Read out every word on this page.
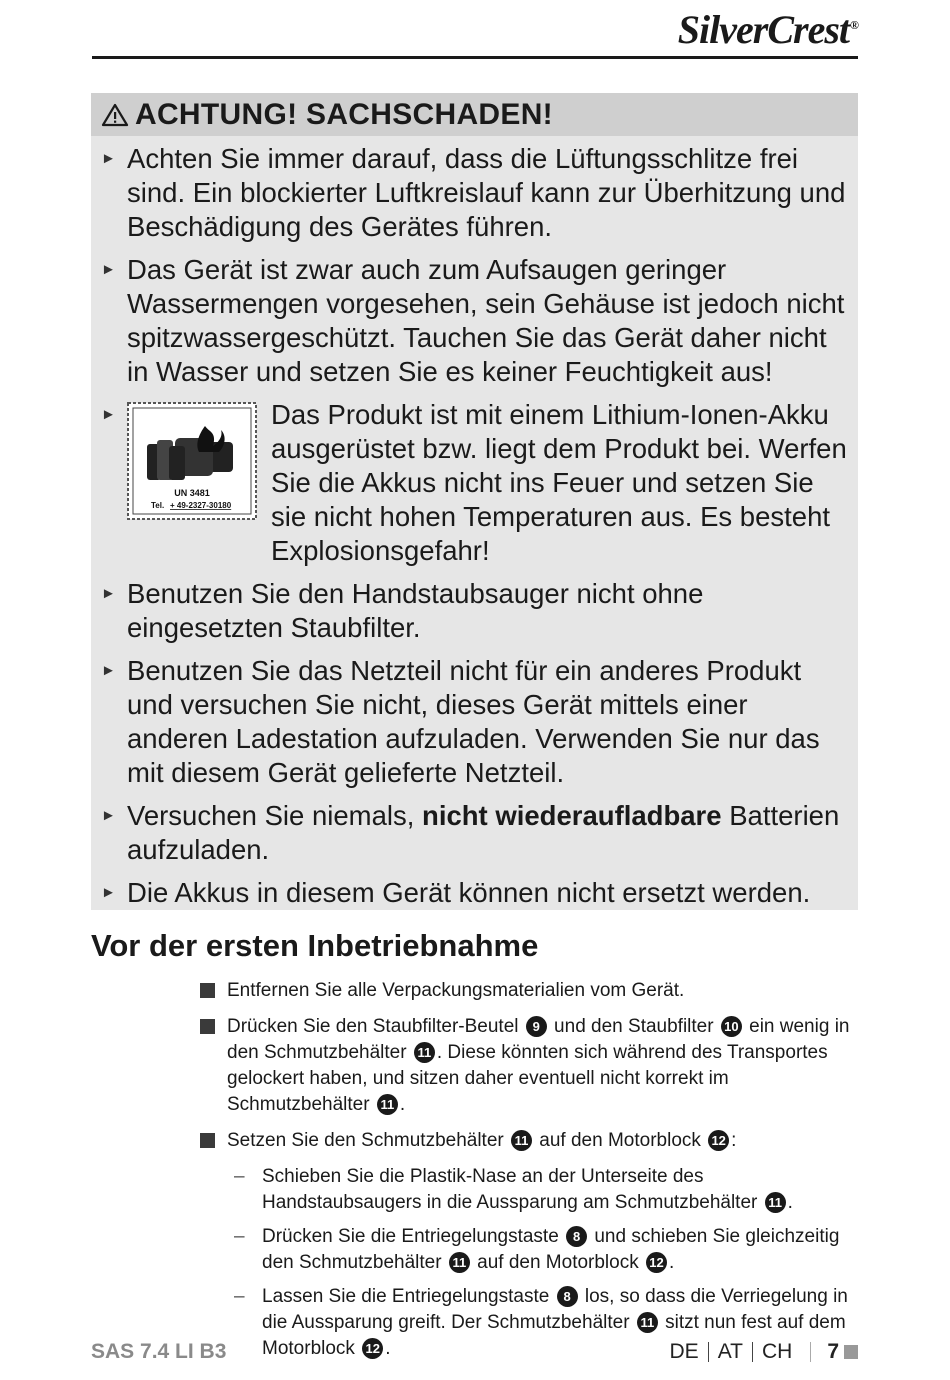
SilverCrest®
ACHTUNG! SACHSCHADEN!
► Achten Sie immer darauf, dass die Lüftungsschlitze frei sind. Ein blockierter Luftkreislauf kann zur Überhitzung und Beschädigung des Gerätes führen.
► Das Gerät ist zwar auch zum Aufsaugen geringer Wassermengen vorgesehen, sein Gehäuse ist jedoch nicht spitzwassergeschützt. Tauchen Sie das Gerät daher nicht in Wasser und setzen Sie es keiner Feuchtigkeit aus!
►
UN 3481
Tel. + 49-2327-30180
Das Produkt ist mit einem Lithium-Ionen-Akku ausgerüstet bzw. liegt dem Produkt bei. Werfen Sie die Akkus nicht ins Feuer und setzen Sie sie nicht hohen Temperaturen aus. Es besteht Explosionsgefahr!
► Benutzen Sie den Handstaubsauger nicht ohne eingesetzten Staubfilter.
► Benutzen Sie das Netzteil nicht für ein anderes Produkt und versuchen Sie nicht, dieses Gerät mittels einer anderen Ladestation aufzuladen. Verwenden Sie nur das mit diesem Gerät gelieferte Netzteil.
► Versuchen Sie niemals, nicht wiederaufladbare Batterien aufzuladen.
► Die Akkus in diesem Gerät können nicht ersetzt werden.
Vor der ersten Inbetriebnahme
Entfernen Sie alle Verpackungsmaterialien vom Gerät.
Drücken Sie den Staubfilter-Beutel 9 und den Staubfilter 10 ein wenig in den Schmutzbehälter 11 . Diese könnten sich während des Transportes gelockert haben, und sitzen daher eventuell nicht korrekt im Schmutzbehälter 11 .
Setzen Sie den Schmutzbehälter 11 auf den Motorblock 12 :
– Schieben Sie die Plastik-Nase an der Unterseite des Handstaubsaugers in die Aussparung am Schmutzbehälter 11 .
– Drücken Sie die Entriegelungstaste 8 und schieben Sie gleichzeitig den Schmutzbehälter 11 auf den Motorblock 12 .
– Lassen Sie die Entriegelungstaste 8 los, so dass die Verriegelung in die Aussparung greift. Der Schmutzbehälter 11 sitzt nun fest auf dem Motorblock 12 .
SAS 7.4 LI B3	DE AT CH 7
